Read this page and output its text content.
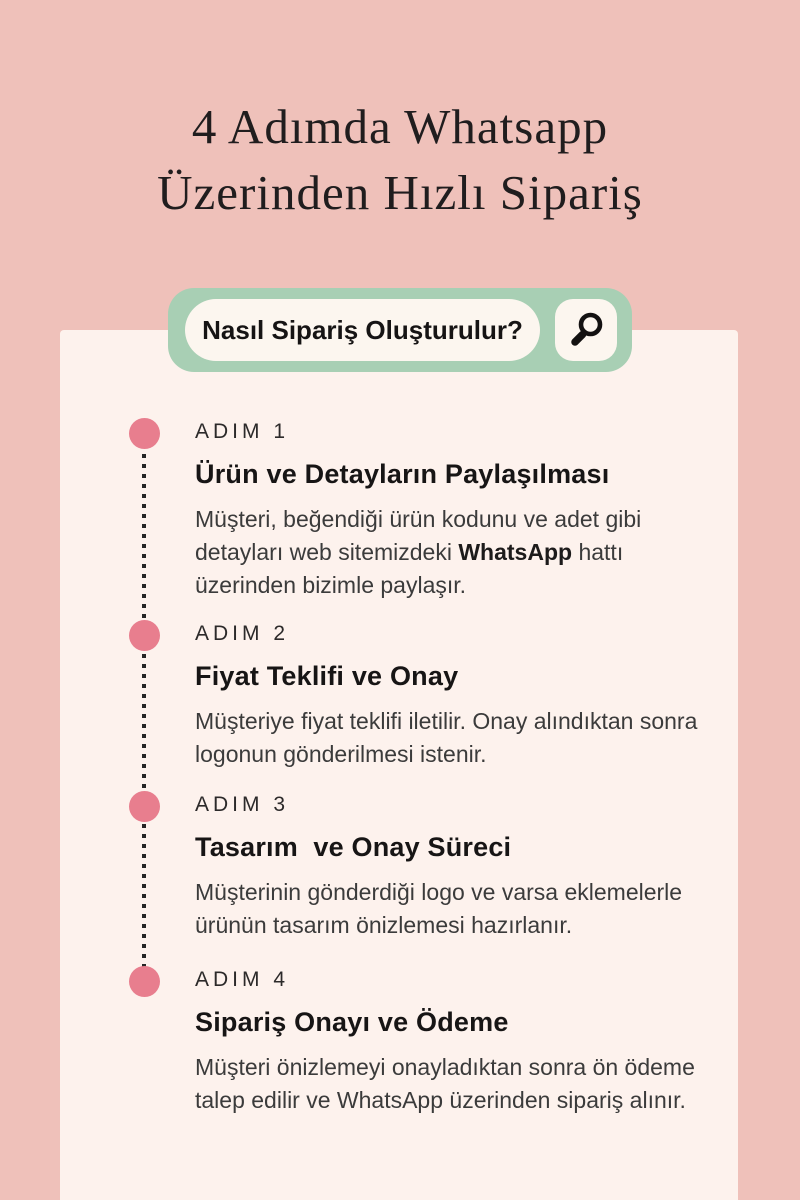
4 Adımda Whatsapp
Üzerinden Hızlı Sipariş
Nasıl Sipariş Oluşturulur?
ADIM 1
Ürün ve Detayların Paylaşılması
Müşteri, beğendiği ürün kodunu ve adet gibi detayları web sitemizdeki WhatsApp hattı üzerinden bizimle paylaşır.
ADIM 2
Fiyat Teklifi ve Onay
Müşteriye fiyat teklifi iletilir. Onay alındıktan sonra logonun gönderilmesi istenir.
ADIM 3
Tasarım  ve Onay Süreci
Müşterinin gönderdiği logo ve varsa eklemelerle ürünün tasarım önizlemesi hazırlanır.
ADIM 4
Sipariş Onayı ve Ödeme
Müşteri önizlemeyi onayladıktan sonra ön ödeme talep edilir ve WhatsApp üzerinden sipariş alınır.
